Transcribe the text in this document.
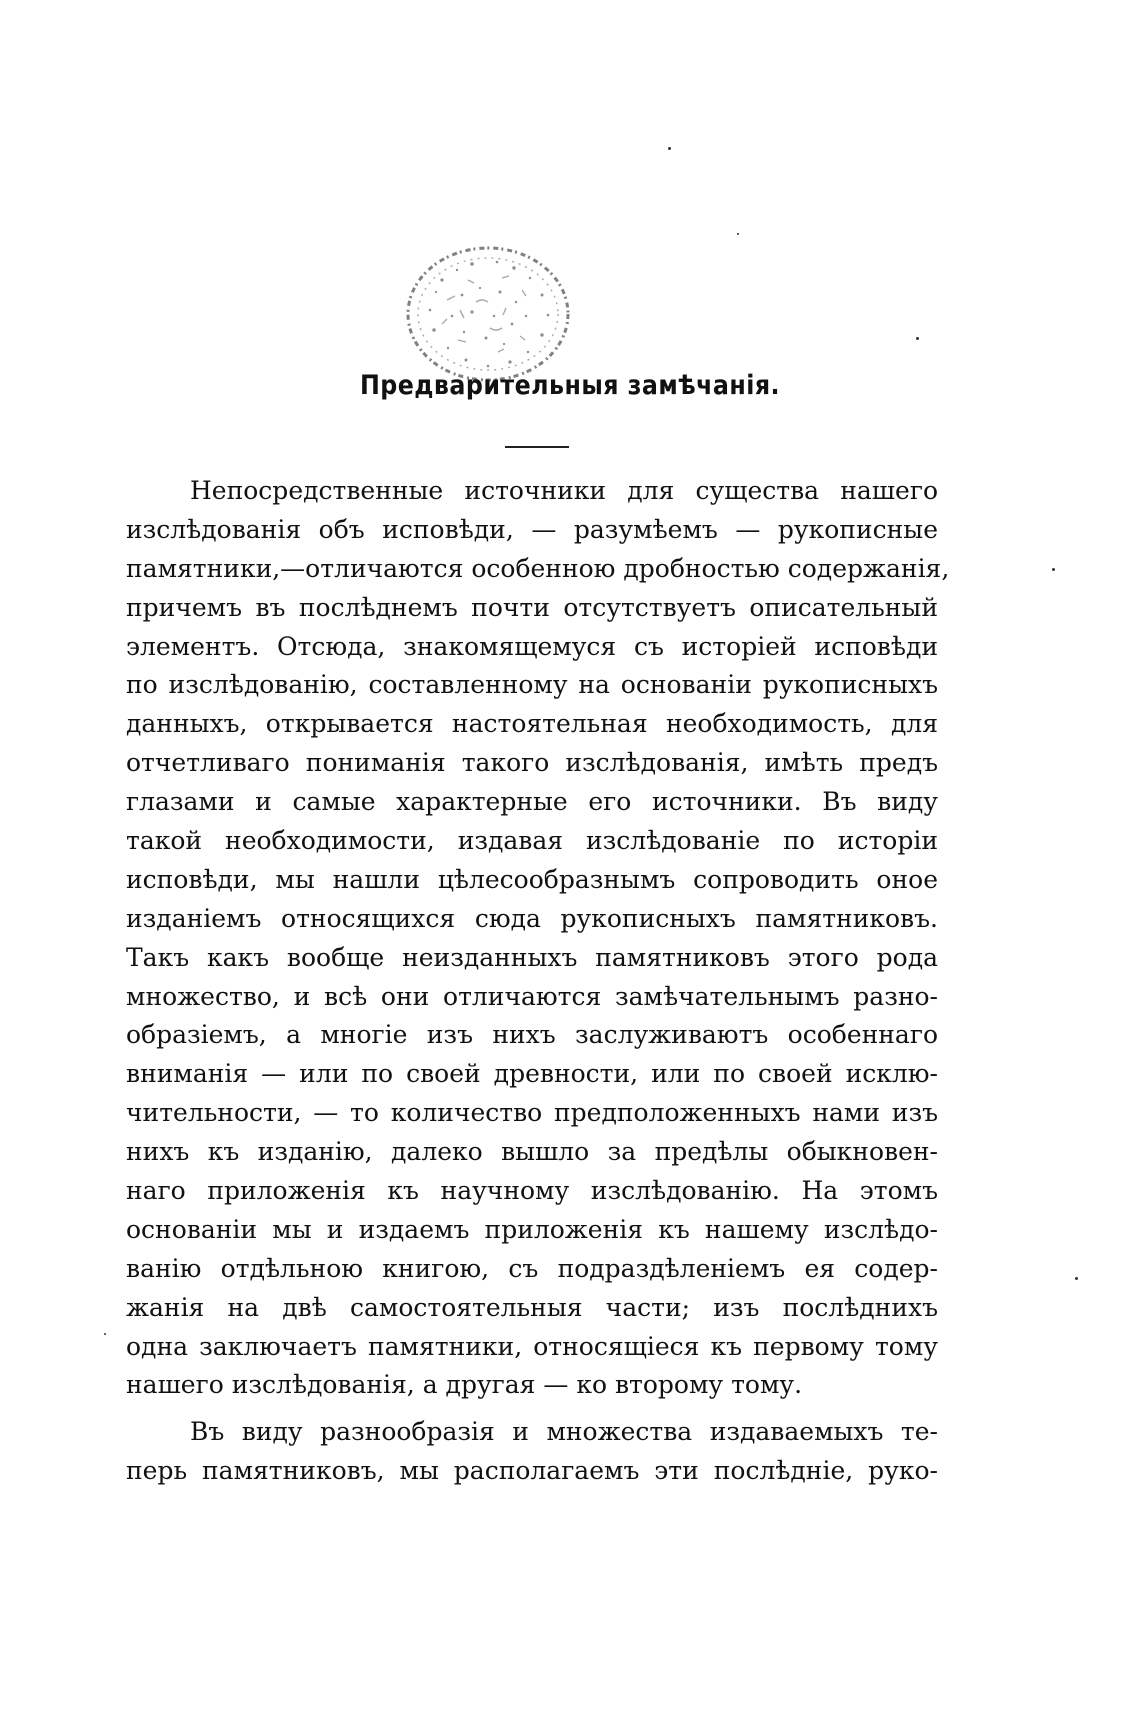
Предварительныя замѣчанія.
Непосредственные источники для существа нашего
изслѣдованія объ исповѣди, — разумѣемъ — рукописные
памятники,—отличаются особенною дробностью содержанія,
причемъ въ послѣднемъ почти отсутствуетъ описательный
элементъ. Отсюда, знакомящемуся съ исторіей исповѣди
по изслѣдованію, составленному на основаніи рукописныхъ
данныхъ, открывается настоятельная необходимость, для
отчетливаго пониманія такого изслѣдованія, имѣть предъ
глазами и самые характерные его источники. Въ виду
такой необходимости, издавая изслѣдованіе по исторіи
исповѣди, мы нашли цѣлесообразнымъ сопроводить оное
изданіемъ относящихся сюда рукописныхъ памятниковъ.
Такъ какъ вообще неизданныхъ памятниковъ этого рода
множество, и всѣ они отличаются замѣчательнымъ разно-
образіемъ, а многіе изъ нихъ заслуживаютъ особеннаго
вниманія — или по своей древности, или по своей исклю-
чительности, — то количество предположенныхъ нами изъ
нихъ къ изданію, далеко вышло за предѣлы обыкновен-
наго приложенія къ научному изслѣдованію. На этомъ
основаніи мы и издаемъ приложенія къ нашему изслѣдо-
ванію отдѣльною книгою, съ подраздѣленіемъ ея содер-
жанія на двѣ самостоятельныя части; изъ послѣднихъ
одна заключаетъ памятники, относящіеся къ первому тому
нашего изслѣдованія, а другая — ко второму тому.
Въ виду разнообразія и множества издаваемыхъ те-
перь памятниковъ, мы располагаемъ эти послѣдніе, руко-
